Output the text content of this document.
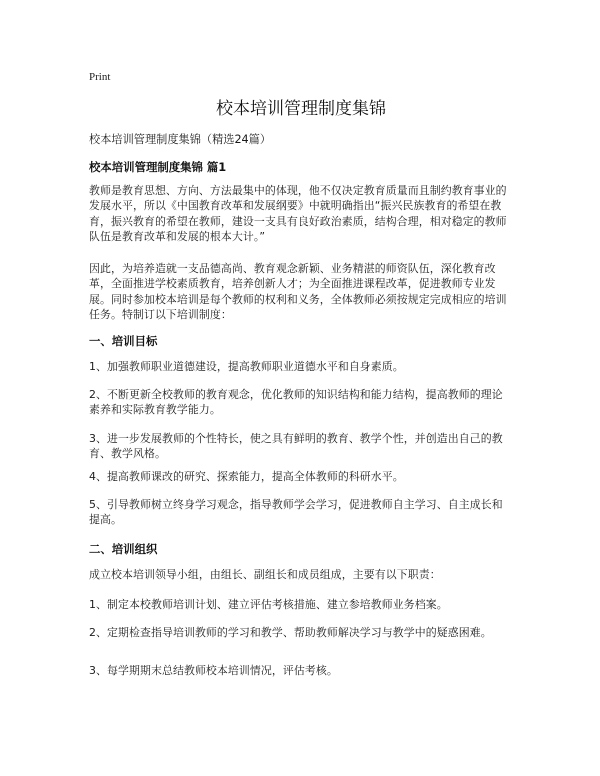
Print
校本培训管理制度集锦

校本培训管理制度集锦（精选24篇）

校本培训管理制度集锦 篇1

教师是教育思想、方向、方法最集中的体现，他不仅决定教育质量而且制约教育事业的发展水平，所以《中国教育改革和发展纲要》中就明确指出“振兴民族教育的希望在教育，振兴教育的希望在教师，建设一支具有良好政治素质，结构合理，相对稳定的教师队伍是教育改革和发展的根本大计。”

因此，为培养造就一支品德高尚、教育观念新颖、业务精湛的师资队伍，深化教育改革，全面推进学校素质教育，培养创新人才；为全面推进课程改革，促进教师专业发展。同时参加校本培训是每个教师的权利和义务，全体教师必须按规定完成相应的培训任务。特制订以下培训制度：

一、培训目标

1、加强教师职业道德建设，提高教师职业道德水平和自身素质。

2、不断更新全校教师的教育观念，优化教师的知识结构和能力结构，提高教师的理论素养和实际教育教学能力。

3、进一步发展教师的个性特长，使之具有鲜明的教育、教学个性，并创造出自己的教育、教学风格。

4、提高教师课改的研究、探索能力，提高全体教师的科研水平。

5、引导教师树立终身学习观念，指导教师学会学习，促进教师自主学习、自主成长和提高。

二、培训组织

成立校本培训领导小组，由组长、副组长和成员组成，主要有以下职责：

1、制定本校教师培训计划、建立评估考核措施、建立参培教师业务档案。

2、定期检查指导培训教师的学习和教学、帮助教师解决学习与教学中的疑惑困难。

3、每学期期末总结教师校本培训情况，评估考核。
